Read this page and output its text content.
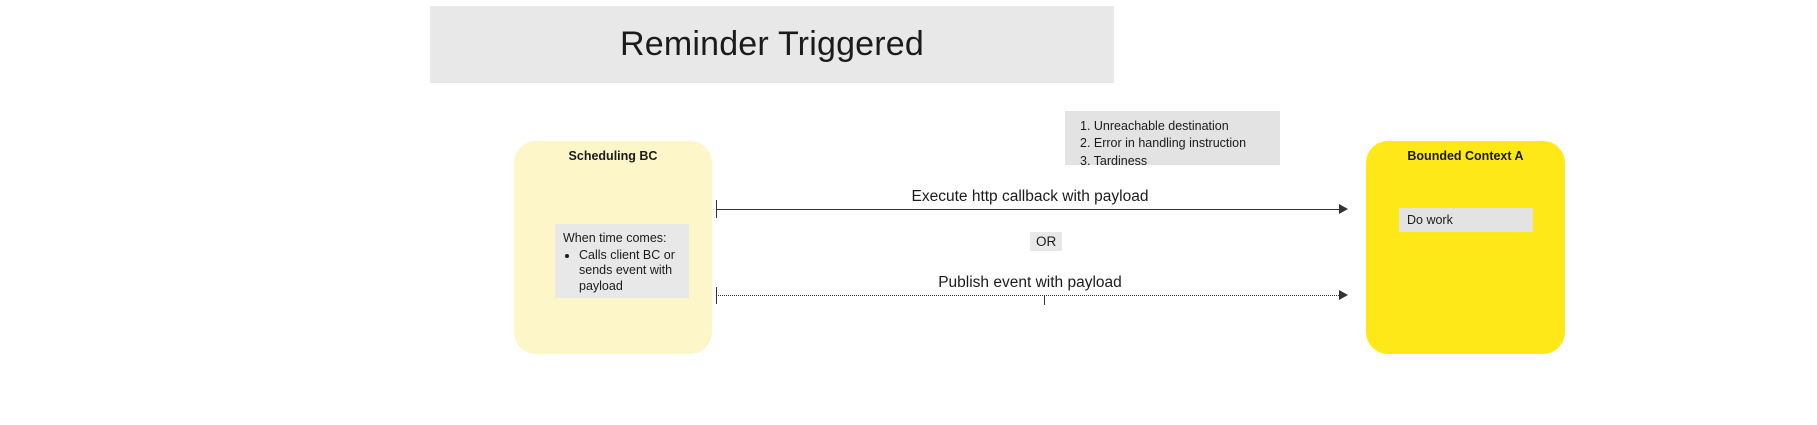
Reminder Triggered
1. Unreachable destination
2. Error in handling instruction
3. Tardiness
Scheduling BC
When time comes:
• Calls client BC or sends event with payload
Bounded Context A
Do work
Execute http callback with payload
OR
Publish event with payload
